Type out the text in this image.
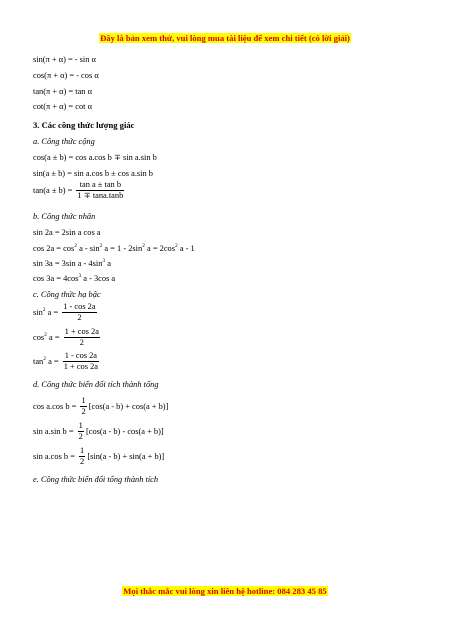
Đây là bản xem thử, vui lòng mua tài liệu để xem chi tiết (có lời giải)
sin(π + α) = - sin α
cos(π + α) = - cos α
tan(π + α) = tan α
cot(π + α) = cot α
3. Các công thức lượng giác
a. Công thức cộng
cos(a ± b) = cos a.cos b ∓ sin a.sin b
sin(a ± b) = sin a.cos b ± cos a.sin b
$\tan(a \pm b) = \frac{\text{tan a ± tan b}}{1 \mp \tan a.\tan b}$
b. Công thức nhân
sin 2a = 2sin a cos a
$\cos 2a = \cos^2 a - \sin^2 a = 1 - 2\sin^2$ $a = 2\cos^2$ a - 1
sin 3a = 3sin a - $4\sin^3$ a
$\cos 3a = 4\cos^3$ a - 3cos a
c. Công thức hạ bậc
$\sin^2 a = \frac{1 - \cos 2a}{2}$
$\cos^2 a = \frac{1 + \cos 2a}{2}$
$\tan^2 a = \frac{1 - \cos 2a}{1 + \cos 2a}$
d. Công thức biến đổi tích thành tổng
cos a.cos $b = \frac{1}{2} [\cos(a - b) + \cos(a + b)]$
sin a.sin $b = \frac{1}{2} [\cos(a - b) - \cos(a + b)]$
sin a.cos $b = \frac{1}{2} [\sin(a - b) + \sin(a + b)]$
e. Công thức biến đổi tổng thành tích
Mọi thắc mắc vui lòng xin liên hệ hotline: 084 283 45 85
